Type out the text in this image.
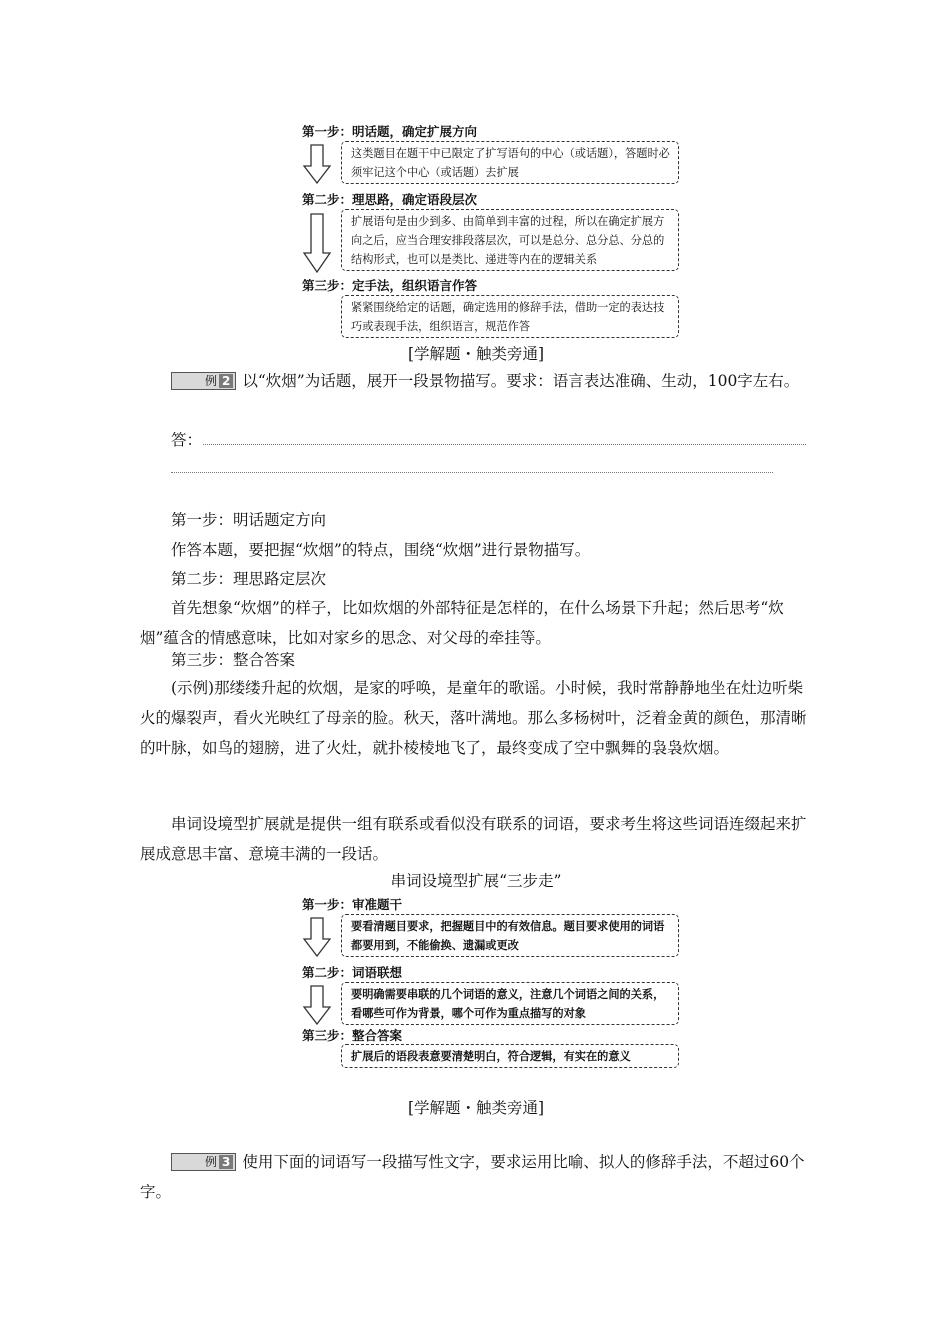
第一步：明话题，确定扩展方向
这类题目在题干中已限定了扩写语句的中心（或话题），答题时必须牢记这个中心（或话题）去扩展
第二步：理思路，确定语段层次
扩展语句是由少到多、由简单到丰富的过程，所以在确定扩展方向之后，应当合理安排段落层次，可以是总分、总分总、分总的结构形式，也可以是类比、递进等内在的逻辑关系
第三步：定手法，组织语言作答
紧紧围绕给定的话题，确定选用的修辞手法，借助一定的表达技巧或表现手法，组织语言，规范作答
[学解题・触类旁通]

例 2 以“炊烟”为话题，展开一段景物描写。要求：语言表达准确、生动，100字左右。

答：

第一步：明话题定方向

作答本题，要把握“炊烟”的特点，围绕“炊烟”进行景物描写。

第二步：理思路定层次

首先想象“炊烟”的样子，比如炊烟的外部特征是怎样的，在什么场景下升起；然后思考“炊烟”蕴含的情感意味，比如对家乡的思念、对父母的牵挂等。

第三步：整合答案

(示例)那缕缕升起的炊烟，是家的呼唤，是童年的歌谣。小时候，我时常静静地坐在灶边听柴火的爆裂声，看火光映红了母亲的脸。秋天，落叶满地。那么多杨树叶，泛着金黄的颜色，那清晰的叶脉，如鸟的翅膀，进了火灶，就扑棱棱地飞了，最终变成了空中飘舞的袅袅炊烟。

串词设境型扩展就是提供一组有联系或看似没有联系的词语，要求考生将这些词语连缀起来扩展成意思丰富、意境丰满的一段话。

串词设境型扩展“三步走”
第一步：审准题干
要看清题目要求，把握题目中的有效信息。题目要求使用的词语都要用到，不能偷换、遗漏或更改
第二步：词语联想
要明确需要串联的几个词语的意义，注意几个词语之间的关系，看哪些可作为背景，哪个可作为重点描写的对象
第三步：整合答案
扩展后的语段表意要清楚明白，符合逻辑，有实在的意义
[学解题・触类旁通]

例 3 使用下面的词语写一段描写性文字，要求运用比喻、拟人的修辞手法，不超过60个字。
